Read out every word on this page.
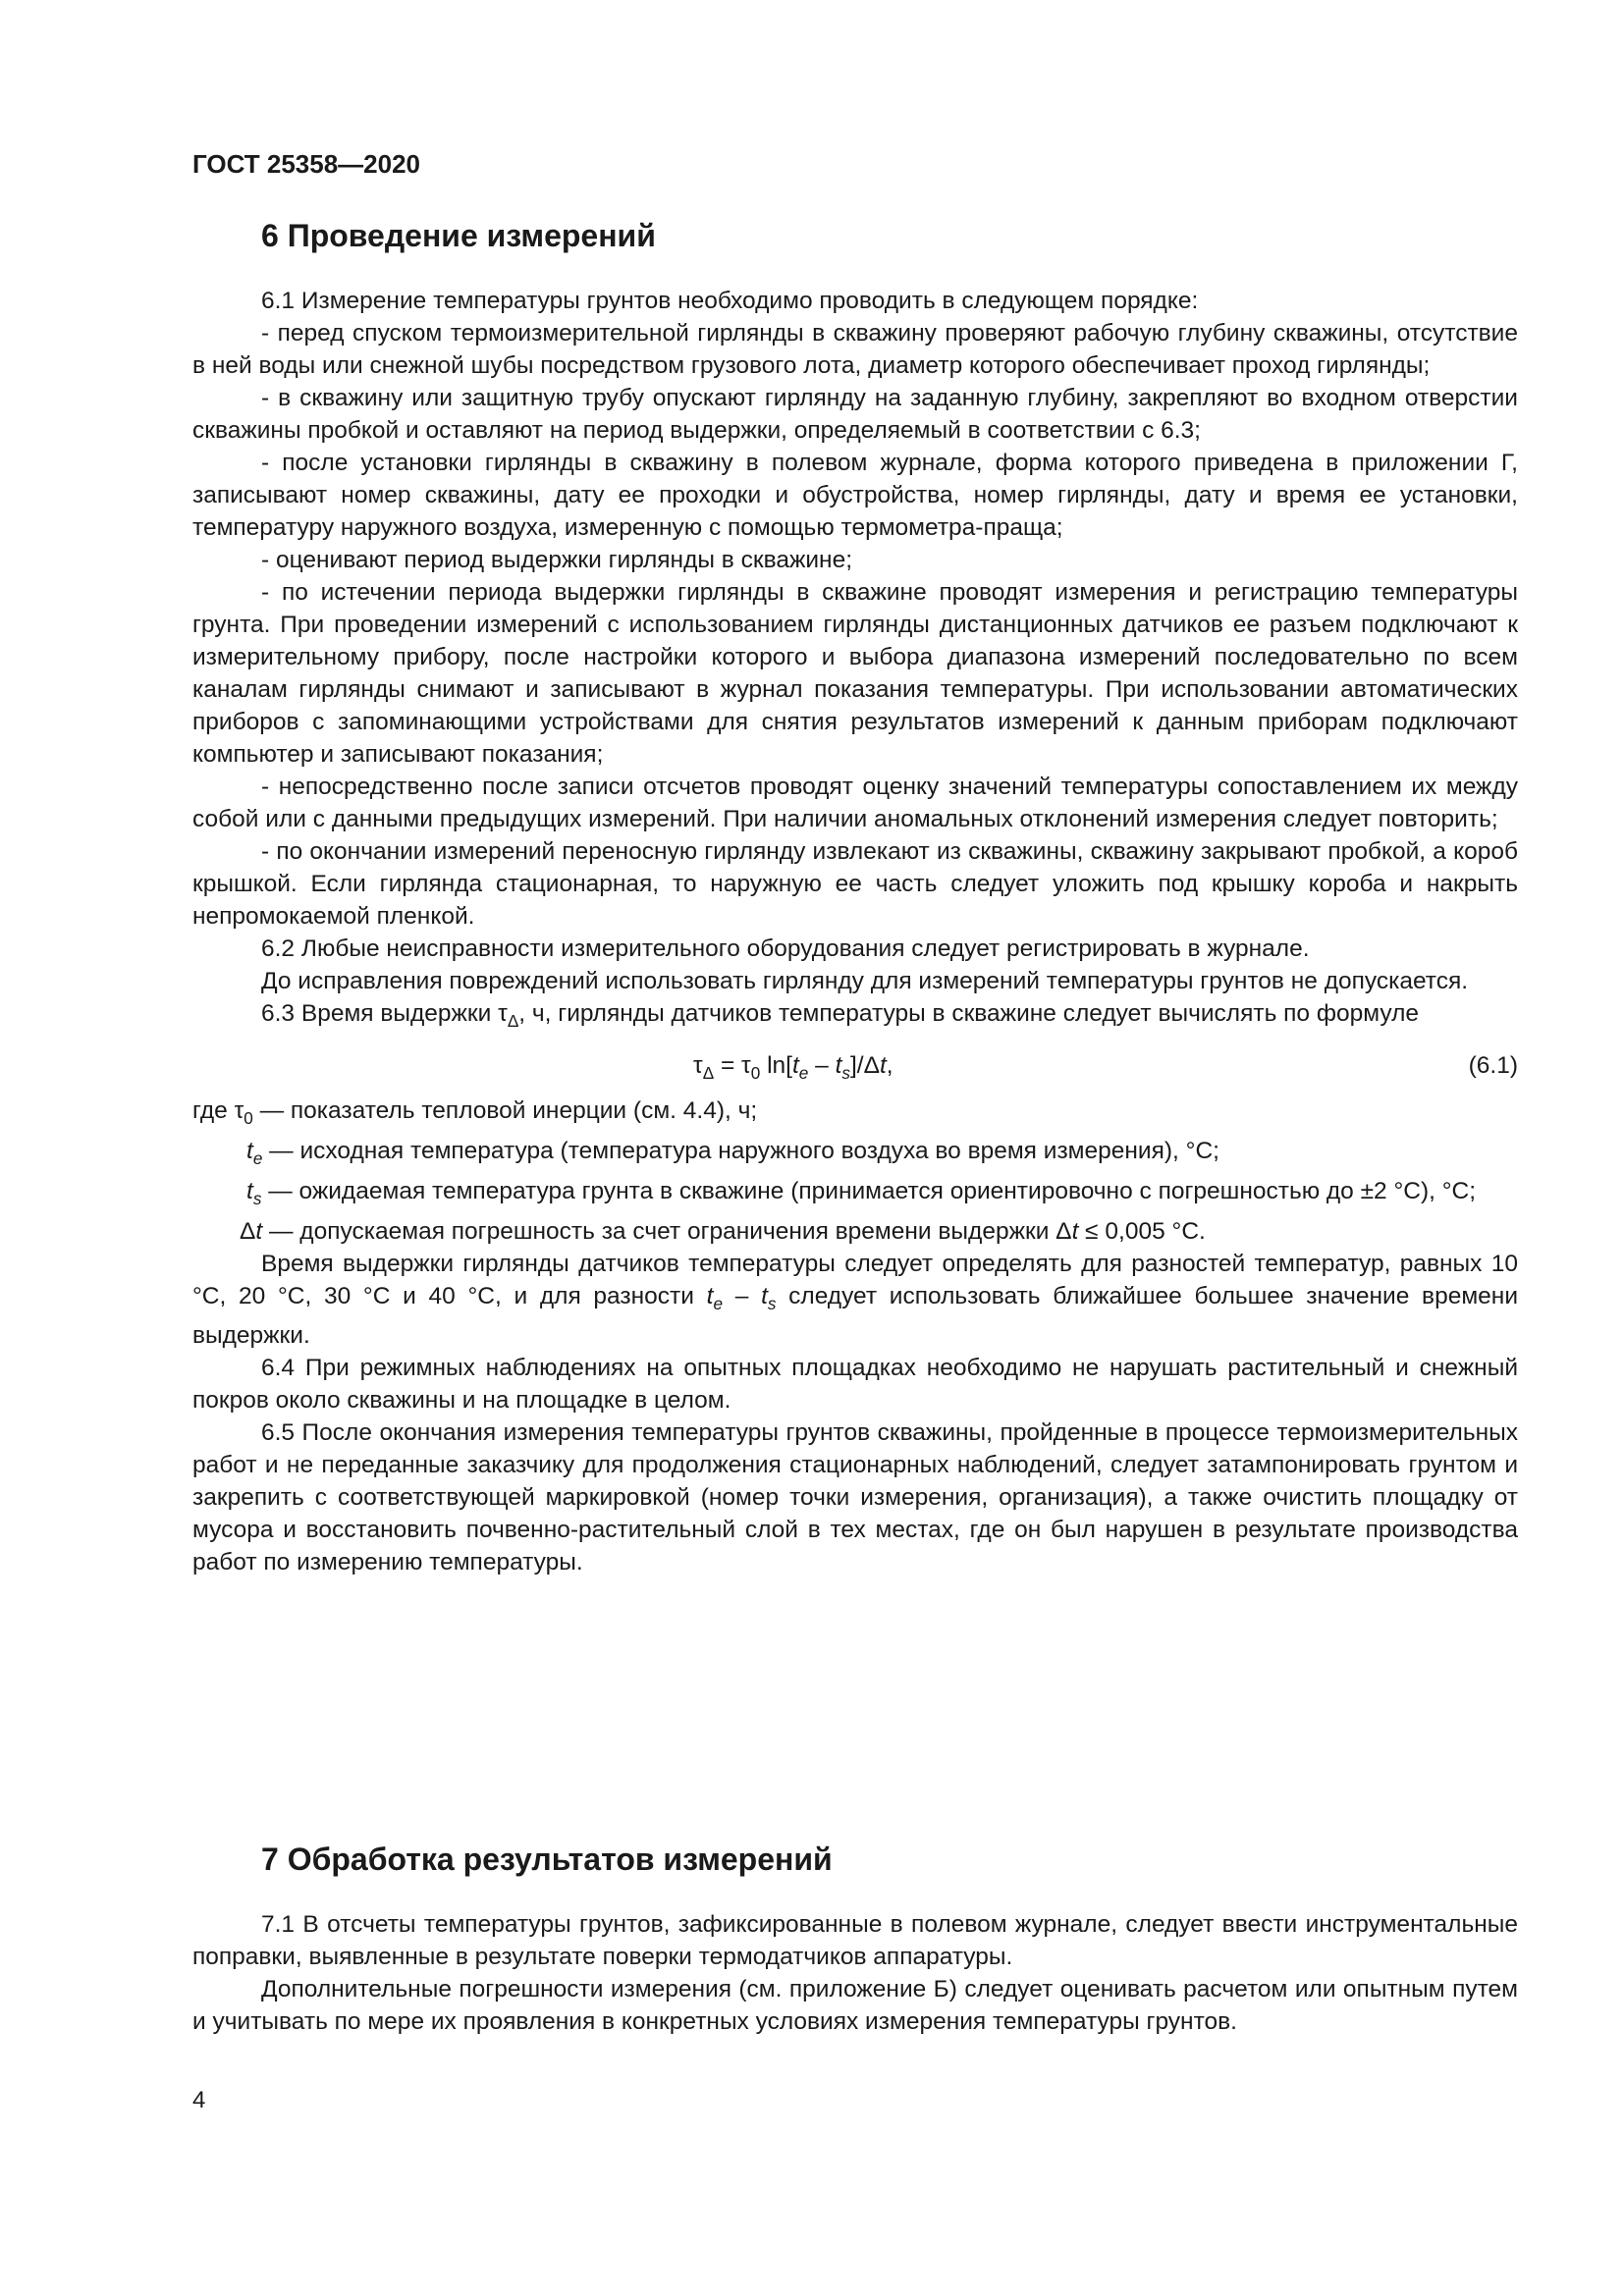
ГОСТ 25358—2020
6 Проведение измерений

6.1 Измерение температуры грунтов необходимо проводить в следующем порядке:

- перед спуском термоизмерительной гирлянды в скважину проверяют рабочую глубину скважины, отсутствие в ней воды или снежной шубы посредством грузового лота, диаметр которого обеспечивает проход гирлянды;

- в скважину или защитную трубу опускают гирлянду на заданную глубину, закрепляют во входном отверстии скважины пробкой и оставляют на период выдержки, определяемый в соответствии с 6.3;

- после установки гирлянды в скважину в полевом журнале, форма которого приведена в приложении Г, записывают номер скважины, дату ее проходки и обустройства, номер гирлянды, дату и время ее установки, температуру наружного воздуха, измеренную с помощью термометра-праща;

- оценивают период выдержки гирлянды в скважине;

- по истечении периода выдержки гирлянды в скважине проводят измерения и регистрацию температуры грунта. При проведении измерений с использованием гирлянды дистанционных датчиков ее разъем подключают к измерительному прибору, после настройки которого и выбора диапазона измерений последовательно по всем каналам гирлянды снимают и записывают в журнал показания температуры. При использовании автоматических приборов с запоминающими устройствами для снятия результатов измерений к данным приборам подключают компьютер и записывают показания;

- непосредственно после записи отсчетов проводят оценку значений температуры сопоставлением их между собой или с данными предыдущих измерений. При наличии аномальных отклонений измерения следует повторить;

- по окончании измерений переносную гирлянду извлекают из скважины, скважину закрывают пробкой, а короб крышкой. Если гирлянда стационарная, то наружную ее часть следует уложить под крышку короба и накрыть непромокаемой пленкой.

6.2 Любые неисправности измерительного оборудования следует регистрировать в журнале.

До исправления повреждений использовать гирлянду для измерений температуры грунтов не допускается.

6.3 Время выдержки $\tau_\Delta$, ч, гирлянды датчиков температуры в скважине следует вычислять по формуле

$\tau_\Delta = \tau_0$ $\ln[t_e - t_s]/\Delta t$,	(6.1)

где $\tau_0$ — показатель тепловой инерции (см. 4.4), ч;

$t_e$ — исходная температура (температура наружного воздуха во время измерения), °С;

$t_s$ — ожидаемая температура грунта в скважине (принимается ориентировочно с погрешностью до ±2 °С), °С;

Δt — допускаемая погрешность за счет ограничения времени выдержки Δt ≤ 0,005 °С.

Время выдержки гирлянды датчиков температуры следует определять для разностей температур, равных 10 °С, 20 °С, 30 °С и 40 °С, и для разности $t_e - t_s$ следует использовать ближайшее большее значение времени выдержки.

6.4 При режимных наблюдениях на опытных площадках необходимо не нарушать растительный и снежный покров около скважины и на площадке в целом.

6.5 После окончания измерения температуры грунтов скважины, пройденные в процессе термоизмерительных работ и не переданные заказчику для продолжения стационарных наблюдений, следует затампонировать грунтом и закрепить с соответствующей маркировкой (номер точки измерения, организация), а также очистить площадку от мусора и восстановить почвенно-растительный слой в тех местах, где он был нарушен в результате производства работ по измерению температуры.

7 Обработка результатов измерений

7.1 В отсчеты температуры грунтов, зафиксированные в полевом журнале, следует ввести инструментальные поправки, выявленные в результате поверки термодатчиков аппаратуры.

Дополнительные погрешности измерения (см. приложение Б) следует оценивать расчетом или опытным путем и учитывать по мере их проявления в конкретных условиях измерения температуры грунтов.

4
